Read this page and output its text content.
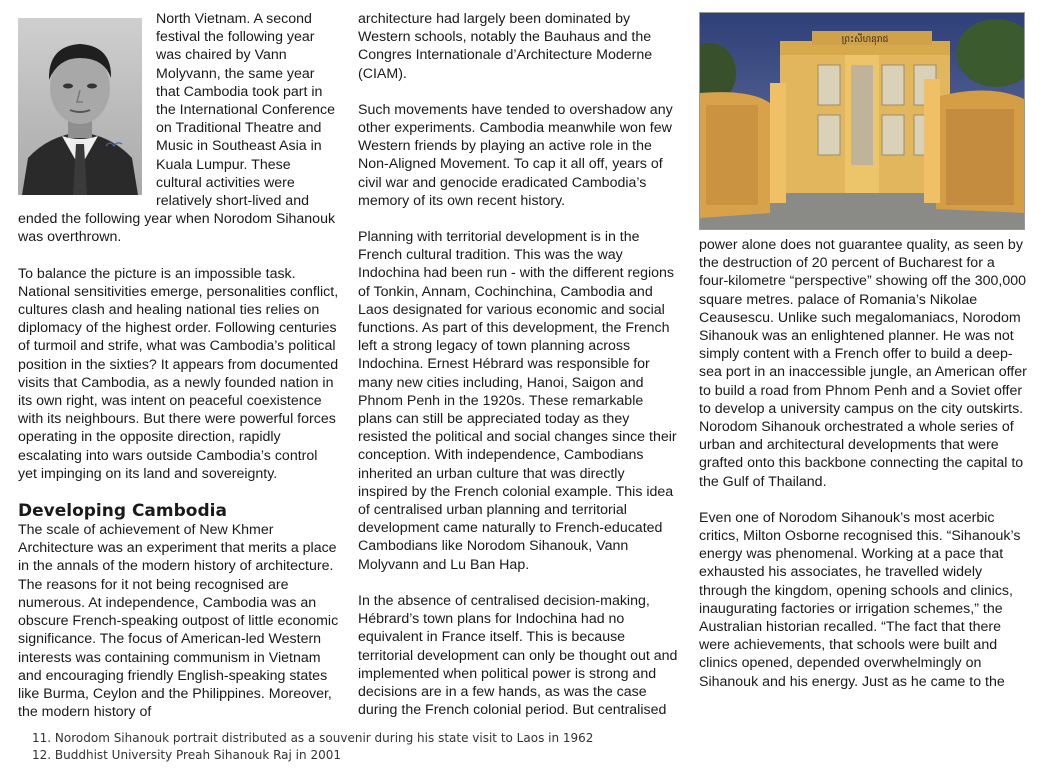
North Vietnam. A second festival the following year was chaired by Vann Molyvann, the same year that Cambodia took part in the International Conference on Traditional Theatre and Music in Southeast Asia in Kuala Lumpur. These cultural activities were relatively short-lived and ended the following year when Norodom Sihanouk was overthrown.

To balance the picture is an impossible task. National sensitivities emerge, personalities conflict, cultures clash and healing national ties relies on diplomacy of the highest order. Following centuries of turmoil and strife, what was Cambodia’s political position in the sixties? It appears from documented visits that Cambodia, as a newly founded nation in its own right, was intent on peaceful coexistence with its neighbours. But there were powerful forces operating in the opposite direction, rapidly escalating into wars outside Cambodia’s control yet impinging on its land and sovereignty.

Developing Cambodia

The scale of achievement of New Khmer Architecture was an experiment that merits a place in the annals of the modern history of architecture. The reasons for it not being recognised are numerous. At independence, Cambodia was an obscure French-speaking outpost of little economic significance. The focus of American-led Western interests was containing communism in Vietnam and encouraging friendly English-speaking states like Burma, Ceylon and the Philippines. Moreover, the modern history of

architecture had largely been dominated by Western schools, notably the Bauhaus and the Congres Internationale d’Architecture Moderne (CIAM).

Such movements have tended to overshadow any other experiments. Cambodia meanwhile won few Western friends by playing an active role in the Non-Aligned Movement. To cap it all off, years of civil war and genocide eradicated Cambodia’s memory of its own recent history.

Planning with territorial development is in the French cultural tradition. This was the way Indochina had been run - with the different regions of Tonkin, Annam, Cochinchina, Cambodia and Laos designated for various economic and social functions. As part of this development, the French left a strong legacy of town planning across Indochina. Ernest Hébrard was responsible for many new cities including, Hanoi, Saigon and Phnom Penh in the 1920s. These remarkable plans can still be appreciated today as they resisted the political and social changes since their conception. With independence, Cambodians inherited an urban culture that was directly inspired by the French colonial example. This idea of centralised urban planning and territorial development came naturally to French-educated Cambodians like Norodom Sihanouk, Vann Molyvann and Lu Ban Hap.

In the absence of centralised decision-making, Hébrard’s town plans for Indochina had no equivalent in France itself. This is because territorial development can only be thought out and implemented when political power is strong and decisions are in a few hands, as was the case during the French colonial period. But centralised

ព្រះសីហនុរាជ

power alone does not guarantee quality, as seen by the destruction of 20 percent of Bucharest for a four-kilometre “perspective” showing off the 300,000 square metres. palace of Romania’s Nikolae Ceausescu. Unlike such megalomaniacs, Norodom Sihanouk was an enlightened planner. He was not simply content with a French offer to build a deep-sea port in an inaccessible jungle, an American offer to build a road from Phnom Penh and a Soviet offer to develop a university campus on the city outskirts. Norodom Sihanouk orchestrated a whole series of urban and architectural developments that were grafted onto this backbone connecting the capital to the Gulf of Thailand.

Even one of Norodom Sihanouk’s most acerbic critics, Milton Osborne recognised this. “Sihanouk’s energy was phenomenal. Working at a pace that exhausted his associates, he travelled widely through the kingdom, opening schools and clinics, inaugurating factories or irrigation schemes,” the Australian historian recalled. “The fact that there were achievements, that schools were built and clinics opened, depended overwhelmingly on Sihanouk and his energy. Just as he came to the

11. Norodom Sihanouk portrait distributed as a souvenir during his state visit to Laos in 1962
12. Buddhist University Preah Sihanouk Raj in 2001
